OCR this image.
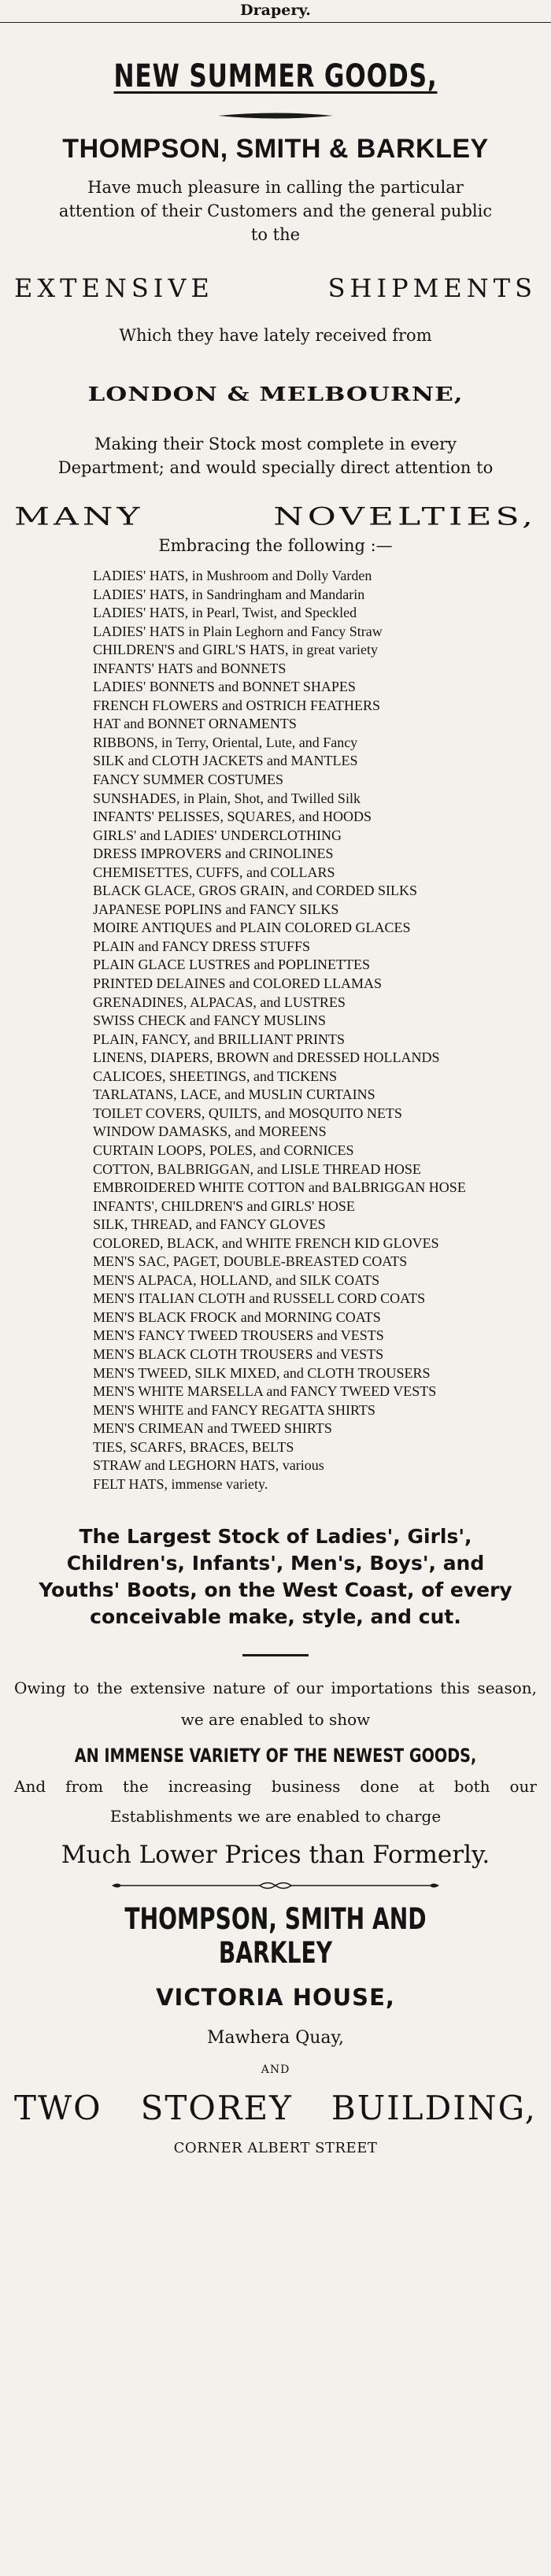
Drapery.
NEW SUMMER GOODS,
THOMPSON, SMITH & BARKLEY
Have much pleasure in calling the particular attention of their Customers and the general public to the
EXTENSIVE	SHIPMENTS
Which they have lately received from
LONDON & MELBOURNE,
Making their Stock most complete in every Department; and would specially direct attention to
MANY	NOVELTIES,
Embracing the following :—
LADIES' HATS, in Mushroom and Dolly Varden
LADIES' HATS, in Sandringham and Mandarin
LADIES' HATS, in Pearl, Twist, and Speckled
LADIES' HATS in Plain Leghorn and Fancy Straw
CHILDREN'S and GIRL'S HATS, in great variety
INFANTS' HATS and BONNETS
LADIES' BONNETS and BONNET SHAPES
FRENCH FLOWERS and OSTRICH FEATHERS
HAT and BONNET ORNAMENTS
RIBBONS, in Terry, Oriental, Lute, and Fancy
SILK and CLOTH JACKETS and MANTLES
FANCY SUMMER COSTUMES
SUNSHADES, in Plain, Shot, and Twilled Silk
INFANTS' PELISSES, SQUARES, and HOODS
GIRLS' and LADIES' UNDERCLOTHING
DRESS IMPROVERS and CRINOLINES
CHEMISETTES, CUFFS, and COLLARS
BLACK GLACE, GROS GRAIN, and CORDED SILKS
JAPANESE POPLINS and FANCY SILKS
MOIRE ANTIQUES and PLAIN COLORED GLACES
PLAIN and FANCY DRESS STUFFS
PLAIN GLACE LUSTRES and POPLINETTES
PRINTED DELAINES and COLORED LLAMAS
GRENADINES, ALPACAS, and LUSTRES
SWISS CHECK and FANCY MUSLINS
PLAIN, FANCY, and BRILLIANT PRINTS
LINENS, DIAPERS, BROWN and DRESSED HOLLANDS
CALICOES, SHEETINGS, and TICKENS
TARLATANS, LACE, and MUSLIN CURTAINS
TOILET COVERS, QUILTS, and MOSQUITO NETS
WINDOW DAMASKS, and MOREENS
CURTAIN LOOPS, POLES, and CORNICES
COTTON, BALBRIGGAN, and LISLE THREAD HOSE
EMBROIDERED WHITE COTTON and BALBRIGGAN HOSE
INFANTS', CHILDREN'S and GIRLS' HOSE
SILK, THREAD, and FANCY GLOVES
COLORED, BLACK, and WHITE FRENCH KID GLOVES
MEN'S SAC, PAGET, DOUBLE-BREASTED COATS
MEN'S ALPACA, HOLLAND, and SILK COATS
MEN'S ITALIAN CLOTH and RUSSELL CORD COATS
MEN'S BLACK FROCK and MORNING COATS
MEN'S FANCY TWEED TROUSERS and VESTS
MEN'S BLACK CLOTH TROUSERS and VESTS
MEN'S TWEED, SILK MIXED, and CLOTH TROUSERS
MEN'S WHITE MARSELLA and FANCY TWEED VESTS
MEN'S WHITE and FANCY REGATTA SHIRTS
MEN'S CRIMEAN and TWEED SHIRTS
TIES, SCARFS, BRACES, BELTS
STRAW and LEGHORN HATS, various
FELT HATS, immense variety.
The Largest Stock of Ladies', Girls', Children's, Infants', Men's, Boys', and Youths' Boots, on the West Coast, of every conceivable make, style, and cut.
Owing to the extensive nature of our importations this season, we are enabled to show
AN IMMENSE VARIETY OF THE NEWEST GOODS,
And from the increasing business done at both our Establishments we are enabled to charge
Much Lower Prices than Formerly.
THOMPSON, SMITH AND BARKLEY
VICTORIA HOUSE,
Mawhera Quay,
AND
TWO STOREY BUILDING,
CORNER ALBERT STREET
